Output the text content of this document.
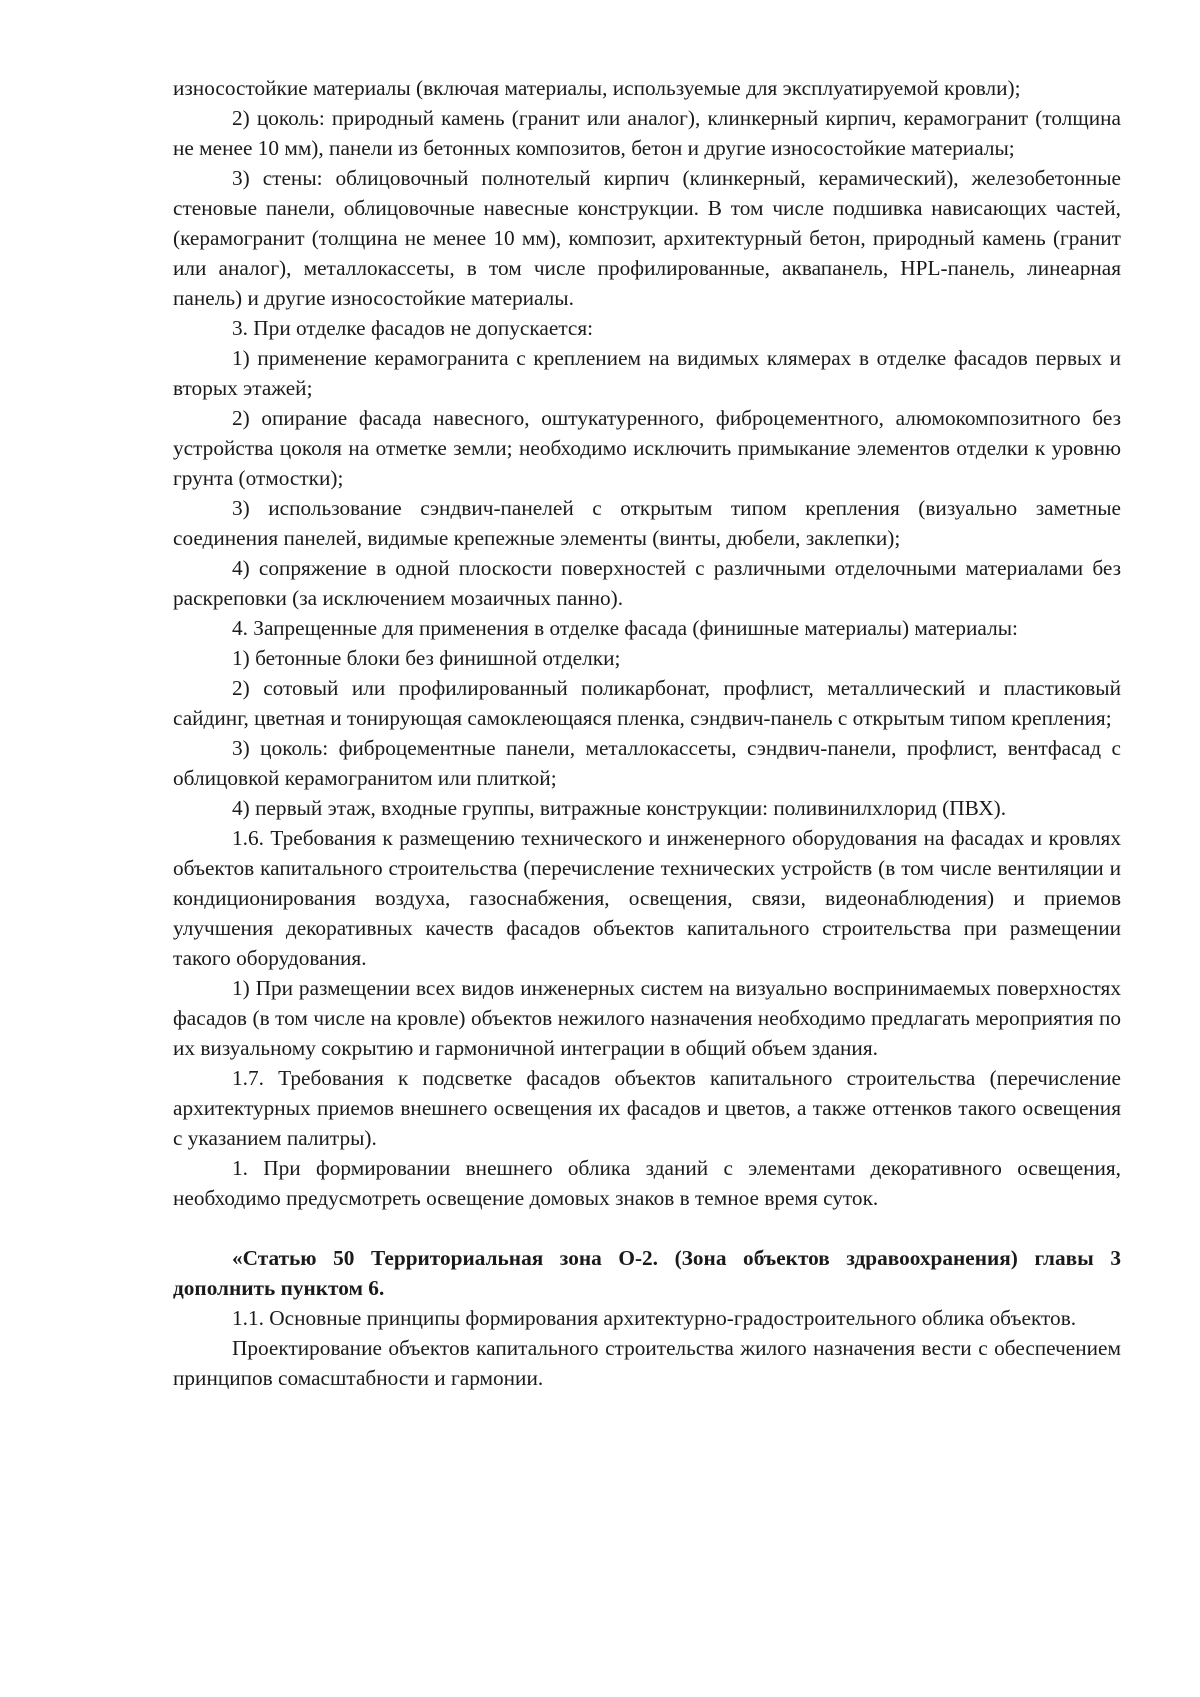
износостойкие материалы (включая материалы, используемые для эксплуатируемой кровли);

2) цоколь: природный камень (гранит или аналог), клинкерный кирпич, керамогранит (толщина не менее 10 мм), панели из бетонных композитов, бетон и другие износостойкие материалы;

3) стены: облицовочный полнотелый кирпич (клинкерный, керамический), железобетонные стеновые панели, облицовочные навесные конструкции. В том числе подшивка нависающих частей, (керамогранит (толщина не менее 10 мм), композит, архитектурный бетон, природный камень (гранит или аналог), металлокассеты, в том числе профилированные, аквапанель, HPL-панель, линеарная панель) и другие износостойкие материалы.

3. При отделке фасадов не допускается:

1) применение керамогранита с креплением на видимых клямерах в отделке фасадов первых и вторых этажей;

2) опирание фасада навесного, оштукатуренного, фиброцементного, алюмокомпозитного без устройства цоколя на отметке земли; необходимо исключить примыкание элементов отделки к уровню грунта (отмостки);

3) использование сэндвич-панелей с открытым типом крепления (визуально заметные соединения панелей, видимые крепежные элементы (винты, дюбели, заклепки);

4) сопряжение в одной плоскости поверхностей с различными отделочными материалами без раскреповки (за исключением мозаичных панно).

4. Запрещенные для применения в отделке фасада (финишные материалы) материалы:

1) бетонные блоки без финишной отделки;

2) сотовый или профилированный поликарбонат, профлист, металлический и пластиковый сайдинг, цветная и тонирующая самоклеющаяся пленка, сэндвич-панель с открытым типом крепления;

3) цоколь: фиброцементные панели, металлокассеты, сэндвич-панели, профлист, вентфасад с облицовкой керамогранитом или плиткой;

4) первый этаж, входные группы, витражные конструкции: поливинилхлорид (ПВХ).

1.6. Требования к размещению технического и инженерного оборудования на фасадах и кровлях объектов капитального строительства (перечисление технических устройств (в том числе вентиляции и кондиционирования воздуха, газоснабжения, освещения, связи, видеонаблюдения) и приемов улучшения декоративных качеств фасадов объектов капитального строительства при размещении такого оборудования.

1) При размещении всех видов инженерных систем на визуально воспринимаемых поверхностях фасадов (в том числе на кровле) объектов нежилого назначения необходимо предлагать мероприятия по их визуальному сокрытию и гармоничной интеграции в общий объем здания.

1.7. Требования к подсветке фасадов объектов капитального строительства (перечисление архитектурных приемов внешнего освещения их фасадов и цветов, а также оттенков такого освещения с указанием палитры).

1. При формировании внешнего облика зданий с элементами декоративного освещения, необходимо предусмотреть освещение домовых знаков в темное время суток.

«Статью 50 Территориальная зона О-2. (Зона объектов здравоохранения) главы 3 дополнить пунктом 6.

1.1. Основные принципы формирования архитектурно-градостроительного облика объектов.

Проектирование объектов капитального строительства жилого назначения вести с обеспечением принципов сомасштабности и гармонии.
